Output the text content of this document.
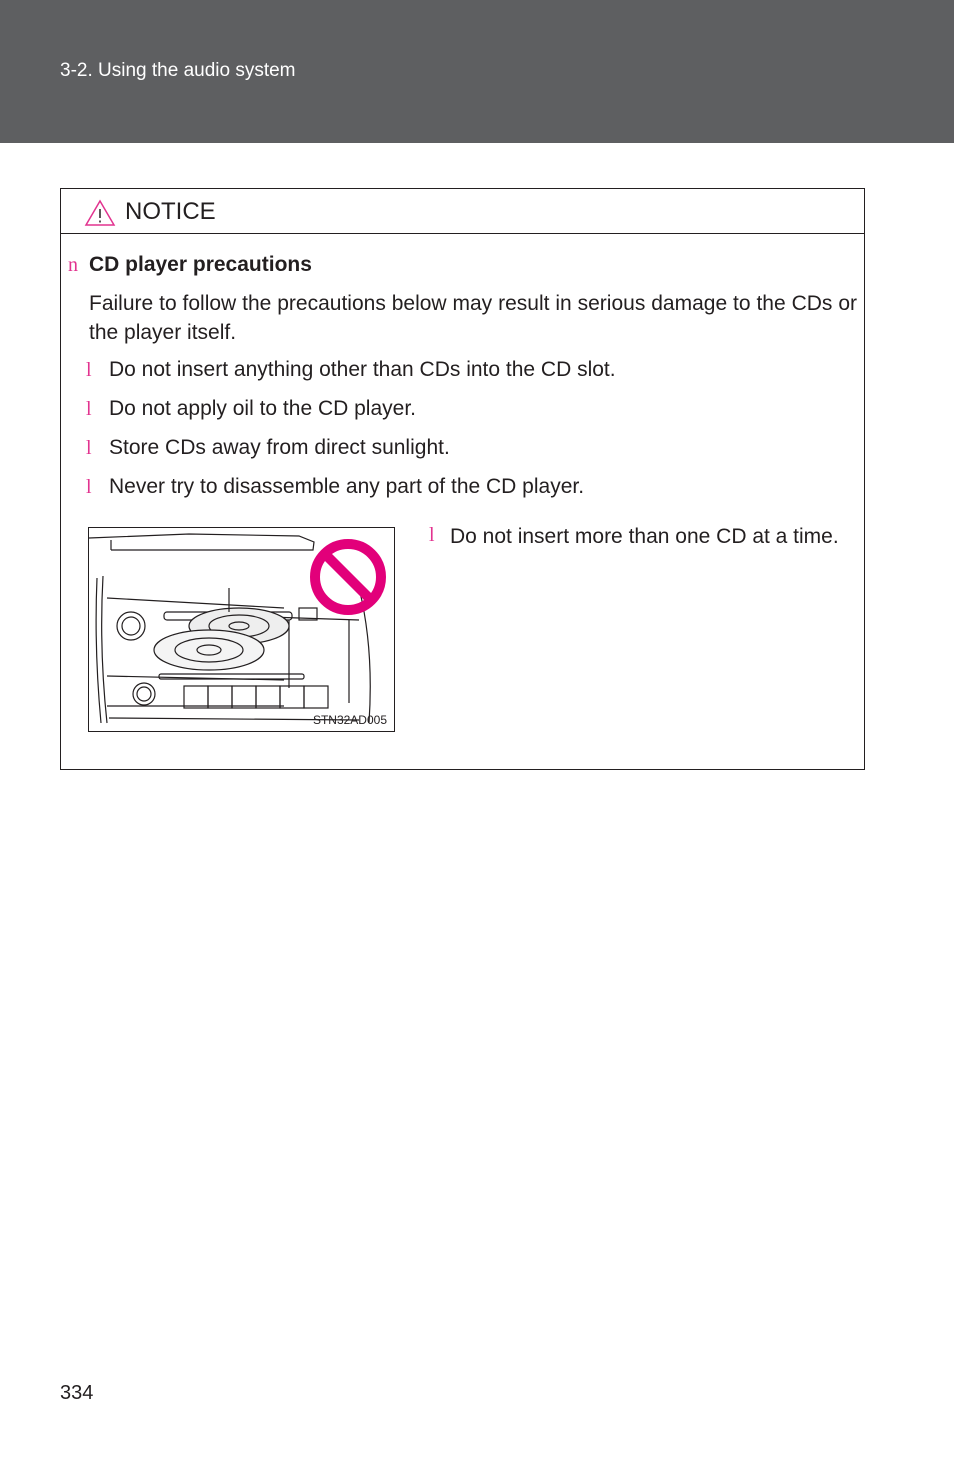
3-2. Using the audio system
NOTICE
n CD player precautions
Failure to follow the precautions below may result in serious damage to the CDs or the player itself.
l Do not insert anything other than CDs into the CD slot.
l Do not apply oil to the CD player.
l Store CDs away from direct sunlight.
l Never try to disassemble any part of the CD player.
STN32AD005
l Do not insert more than one CD at a time.
334
